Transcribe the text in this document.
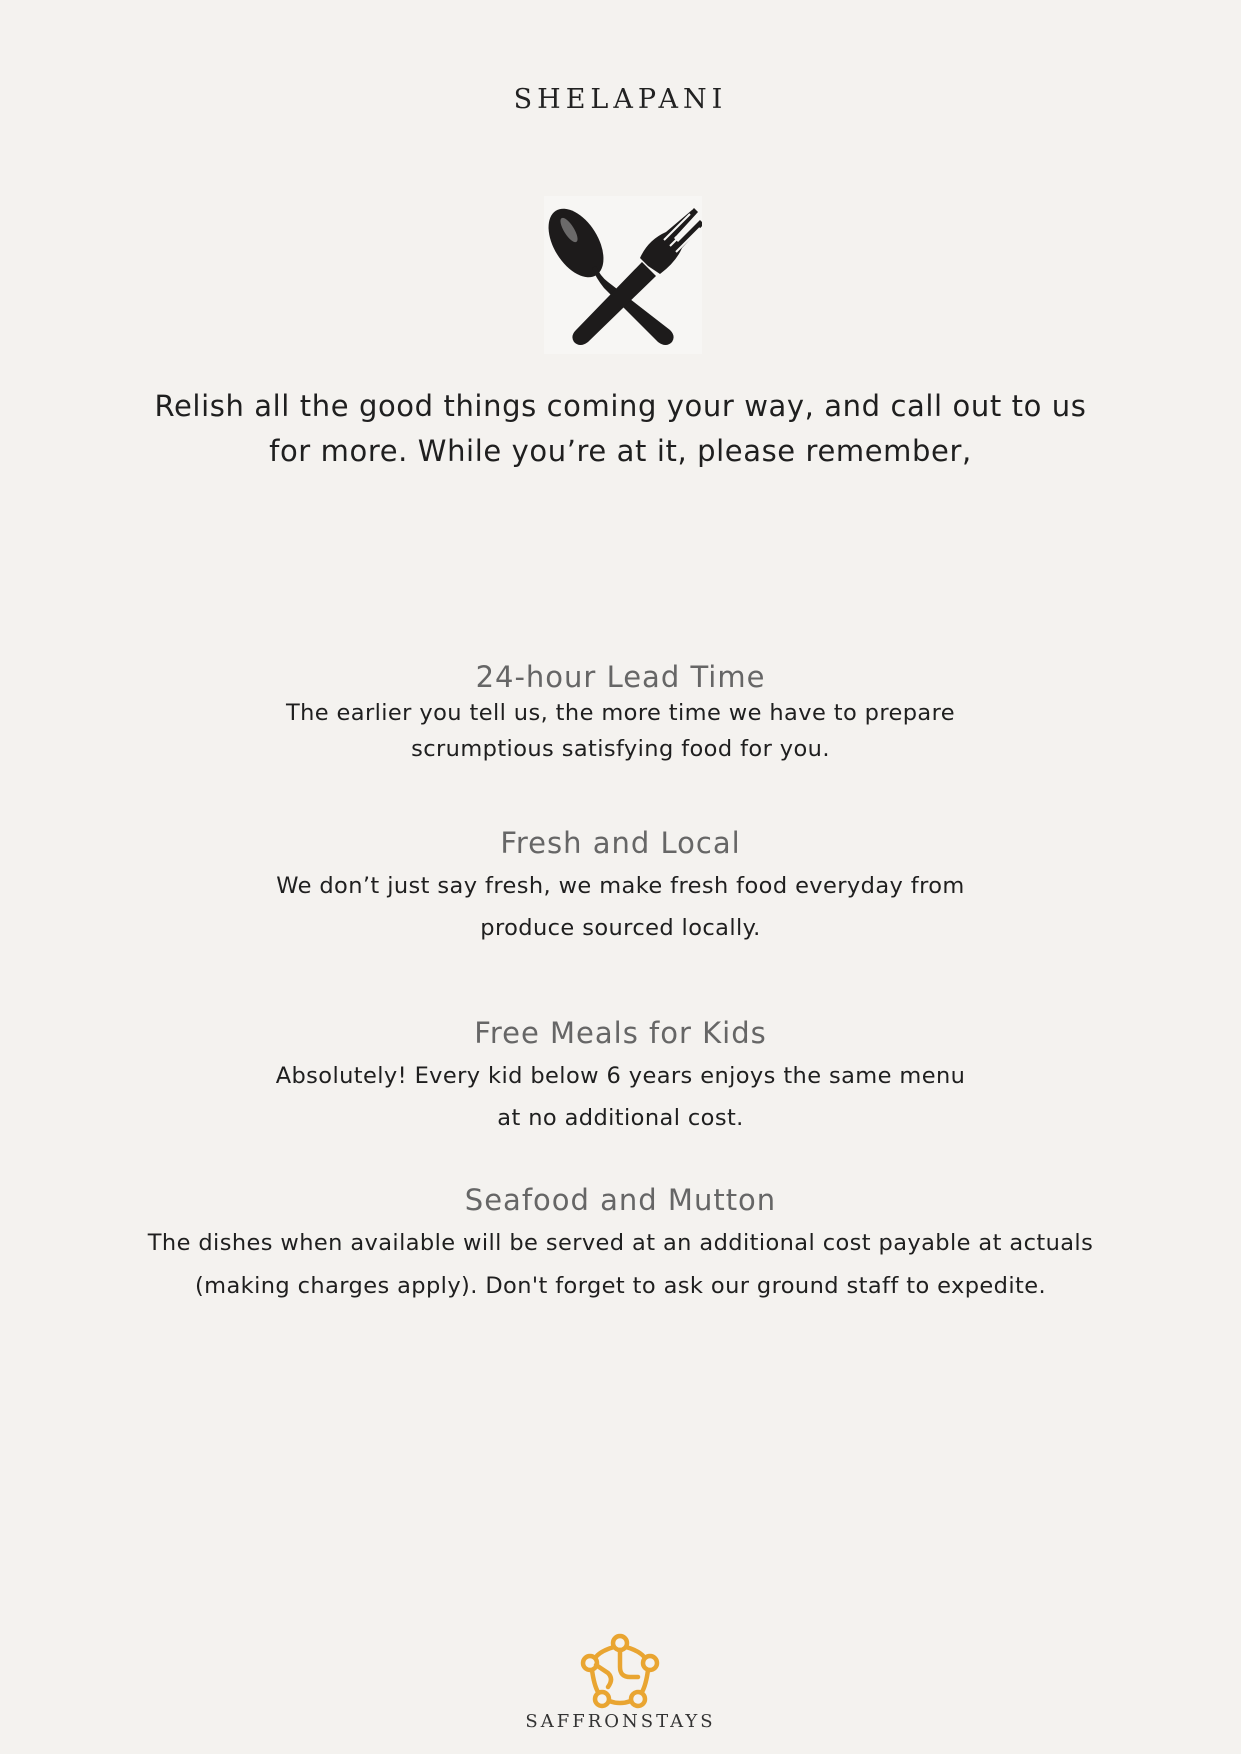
SHELAPANI
Relish all the good things coming your way, and call out to us for more. While you’re at it, please remember,
24-hour Lead Time

The earlier you tell us, the more time we have to prepare scrumptious satisfying food for you.

Fresh and Local

We don’t just say fresh, we make fresh food everyday from produce sourced locally.

Free Meals for Kids

Absolutely! Every kid below 6 years enjoys the same menu at no additional cost.

Seafood and Mutton

The dishes when available will be served at an additional cost payable at actuals (making charges apply). Don't forget to ask our ground staff to expedite.

SAFFRONSTAYS
